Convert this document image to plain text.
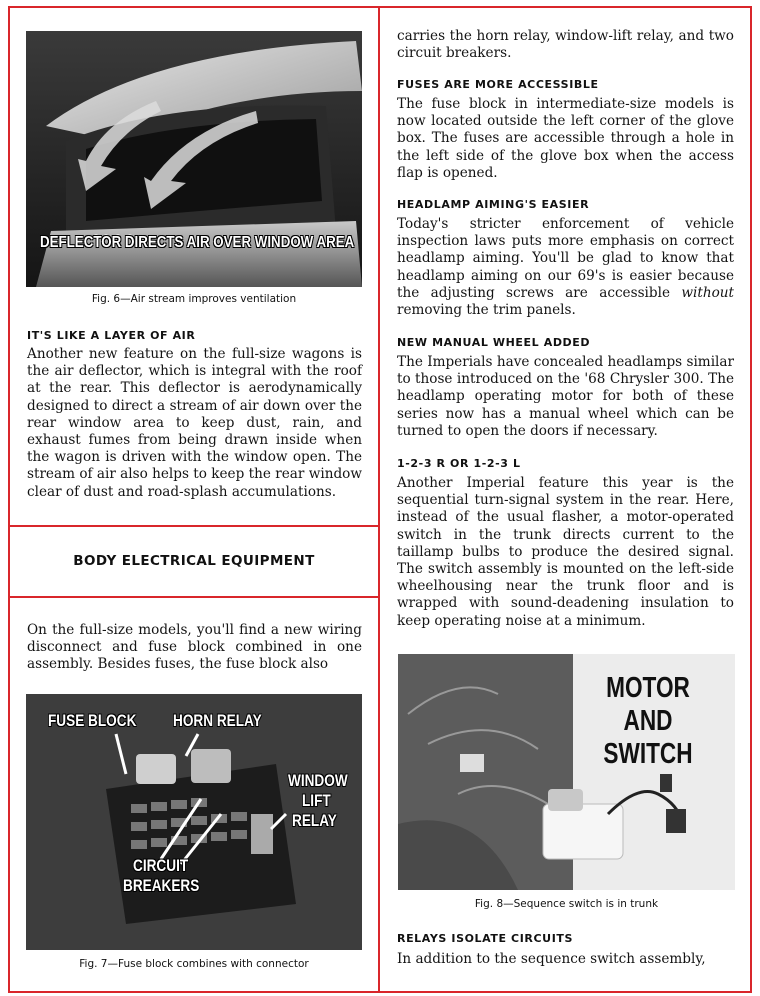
DEFLECTOR DIRECTS AIR OVER WINDOW AREA
Fig. 6—Air stream improves ventilation
IT'S LIKE A LAYER OF AIR
Another new feature on the full-size wagons is the air deflector, which is integral with the roof at the rear. This deflector is aerodynamically designed to direct a stream of air down over the rear window area to keep dust, rain, and exhaust fumes from being drawn inside when the wagon is driven with the window open. The stream of air also helps to keep the rear window clear of dust and road-splash accumulations.
BODY ELECTRICAL EQUIPMENT
On the full-size models, you'll find a new wiring disconnect and fuse block combined in one assembly. Besides fuses, the fuse block also
FUSE BLOCK HORN RELAY
WINDOW
LIFT
RELAY
CIRCUIT
BREAKERS
Fig. 7—Fuse block combines with connector
carries the horn relay, window-lift relay, and two circuit breakers.
FUSES ARE MORE ACCESSIBLE
The fuse block in intermediate-size models is now located outside the left corner of the glove box. The fuses are accessible through a hole in the left side of the glove box when the access flap is opened.
HEADLAMP AIMING'S EASIER
Today's stricter enforcement of vehicle inspection laws puts more emphasis on correct headlamp aiming. You'll be glad to know that headlamp aiming on our 69's is easier because the adjusting screws are accessible without removing the trim panels.
NEW MANUAL WHEEL ADDED
The Imperials have concealed headlamps similar to those introduced on the '68 Chrysler 300. The headlamp operating motor for both of these series now has a manual wheel which can be turned to open the doors if necessary.
1-2-3 R OR 1-2-3 L
Another Imperial feature this year is the sequential turn-signal system in the rear. Here, instead of the usual flasher, a motor-operated switch in the trunk directs current to the taillamp bulbs to produce the desired signal. The switch assembly is mounted on the left-side wheelhousing near the trunk floor and is wrapped with sound-deadening insulation to keep operating noise at a minimum.
MOTOR
AND
SWITCH
Fig. 8—Sequence switch is in trunk
RELAYS ISOLATE CIRCUITS
In addition to the sequence switch assembly,
